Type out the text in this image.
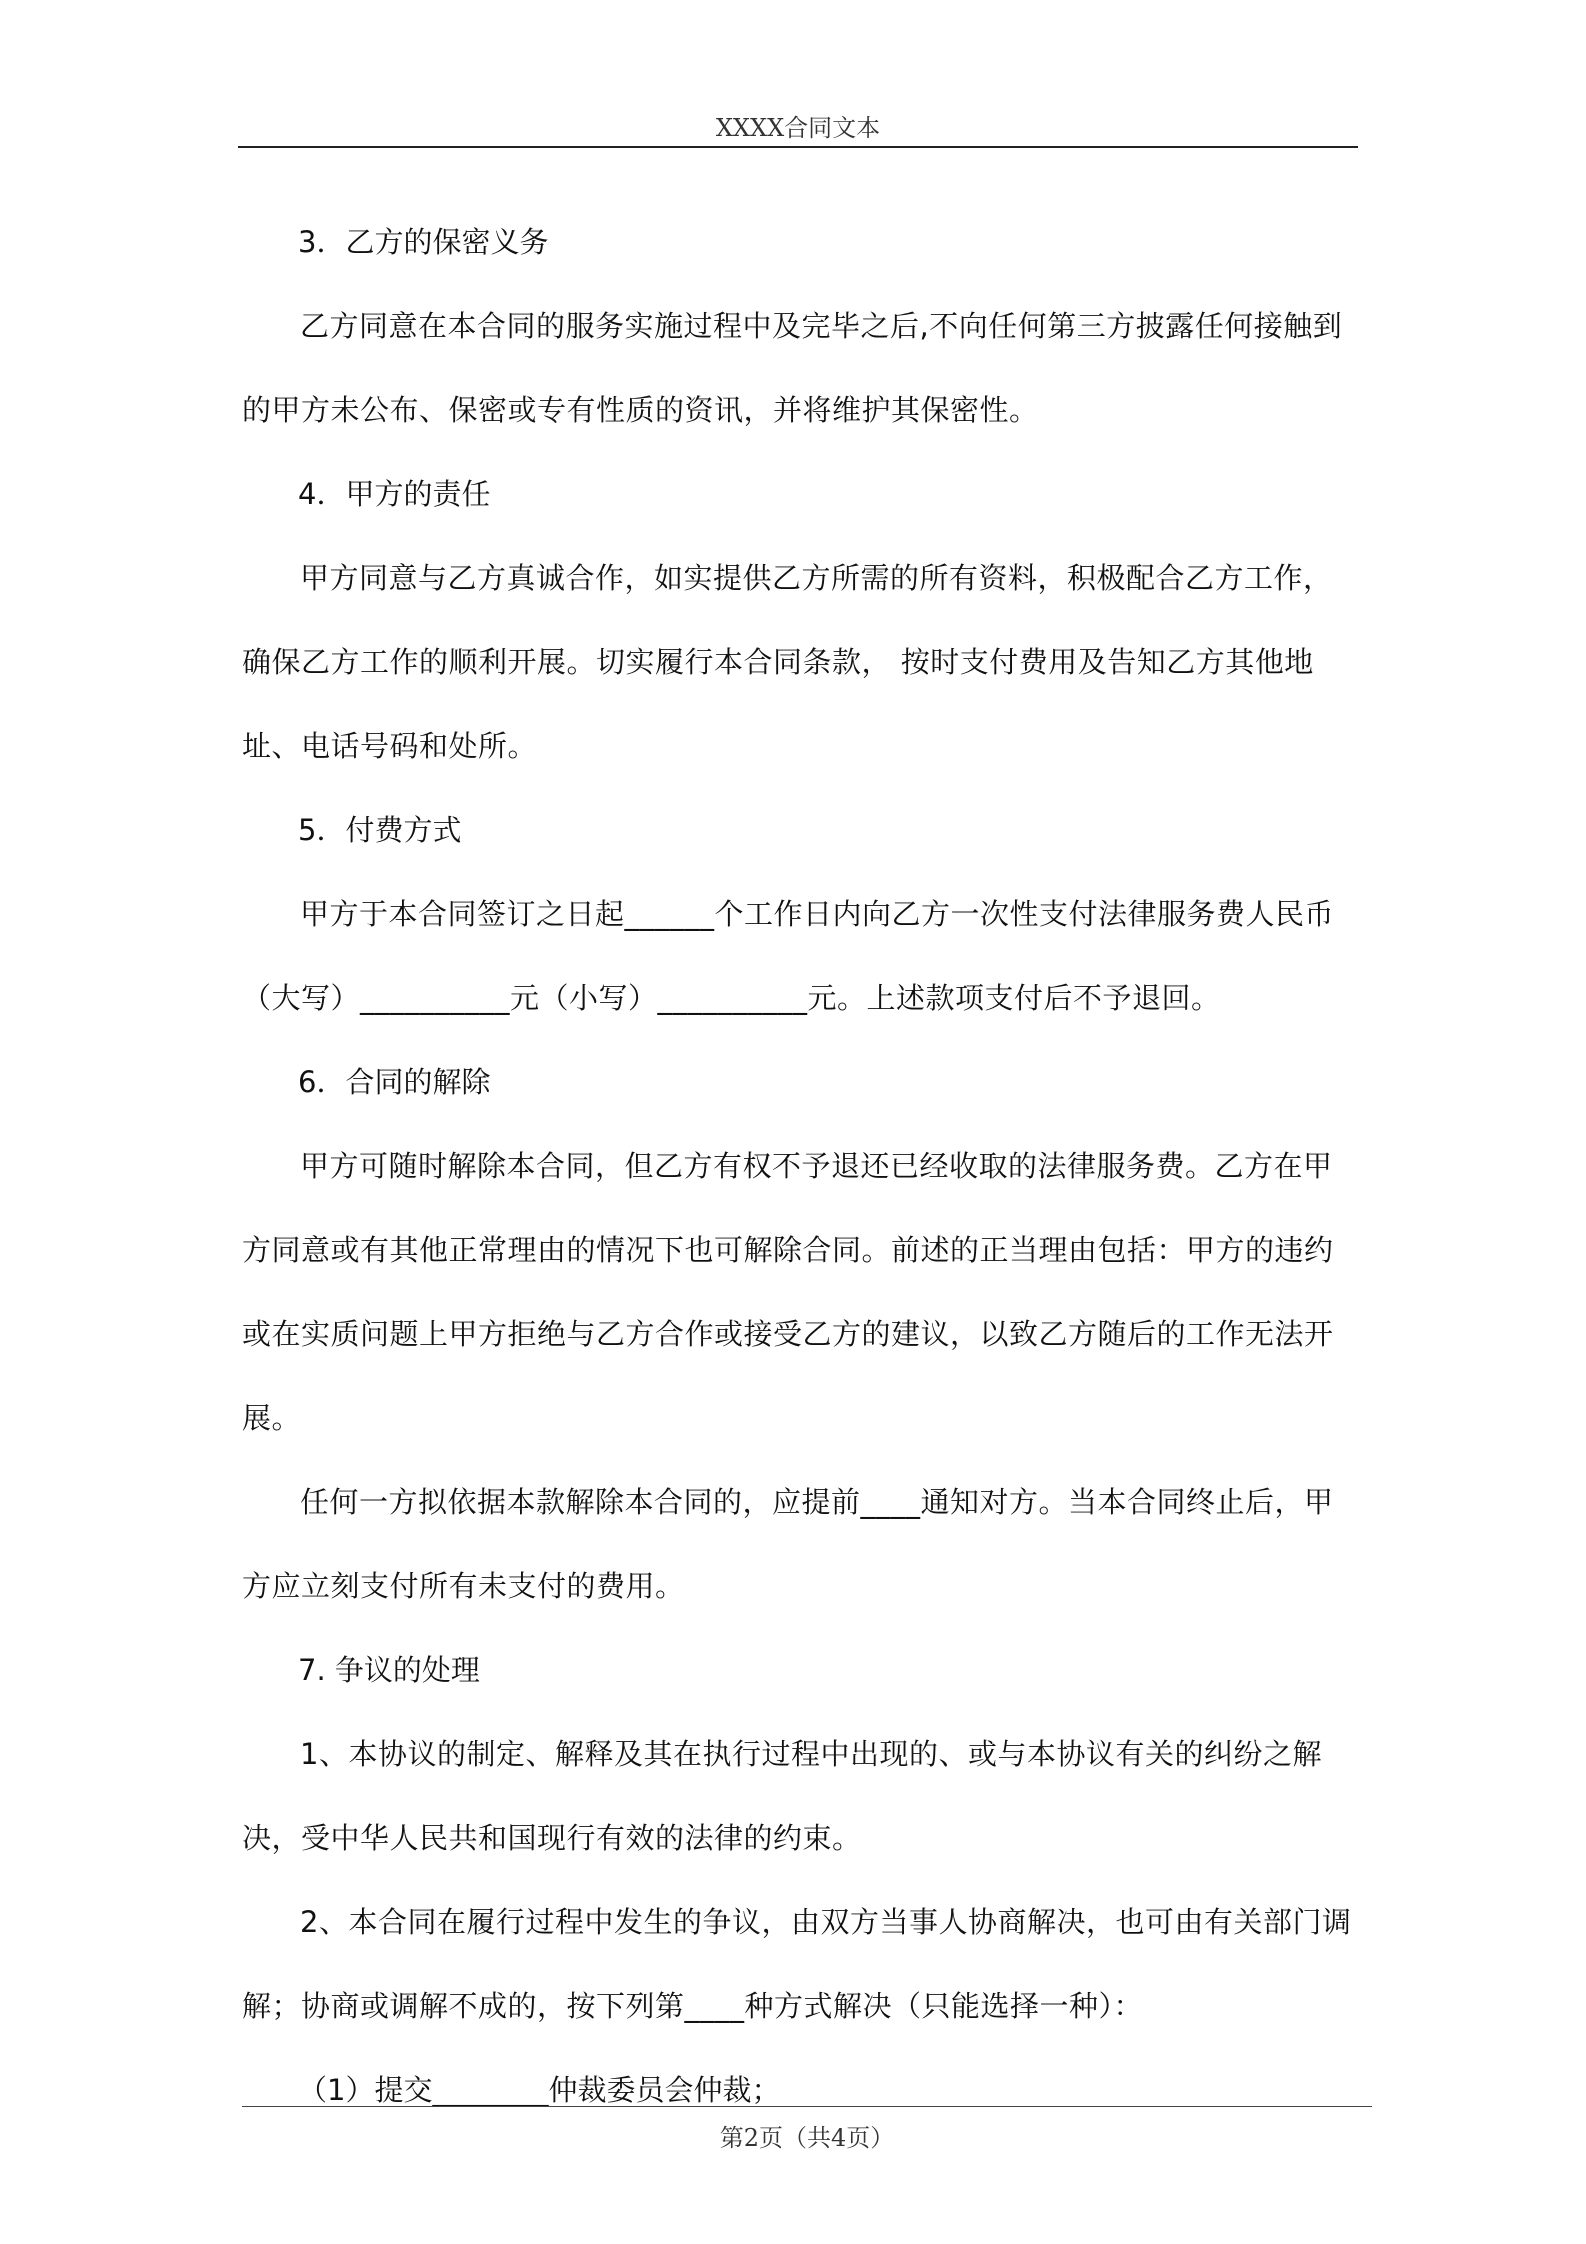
XXXX合同文本

3．乙方的保密义务

乙方同意在本合同的服务实施过程中及完毕之后,不向任何第三方披露任何接触到的甲方未公布、保密或专有性质的资讯，并将维护其保密性。

4．甲方的责任

甲方同意与乙方真诚合作，如实提供乙方所需的所有资料，积极配合乙方工作，确保乙方工作的顺利开展。切实履行本合同条款， 按时支付费用及告知乙方其他地址、电话号码和处所。

5．付费方式

甲方于本合同签订之日起______个工作日内向乙方一次性支付法律服务费人民币（大写）__________元（小写）__________元。上述款项支付后不予退回。

6．合同的解除

甲方可随时解除本合同，但乙方有权不予退还已经收取的法律服务费。乙方在甲方同意或有其他正常理由的情况下也可解除合同。前述的正当理由包括：甲方的违约或在实质问题上甲方拒绝与乙方合作或接受乙方的建议，以致乙方随后的工作无法开展。

任何一方拟依据本款解除本合同的，应提前____通知对方。当本合同终止后，甲方应立刻支付所有未支付的费用。

7. 争议的处理

1、本协议的制定、解释及其在执行过程中出现的、或与本协议有关的纠纷之解决，受中华人民共和国现行有效的法律的约束。

2、本合同在履行过程中发生的争议，由双方当事人协商解决，也可由有关部门调解；协商或调解不成的，按下列第____种方式解决（只能选择一种）：

（1）提交________仲裁委员会仲裁；

第2页（共4页）
